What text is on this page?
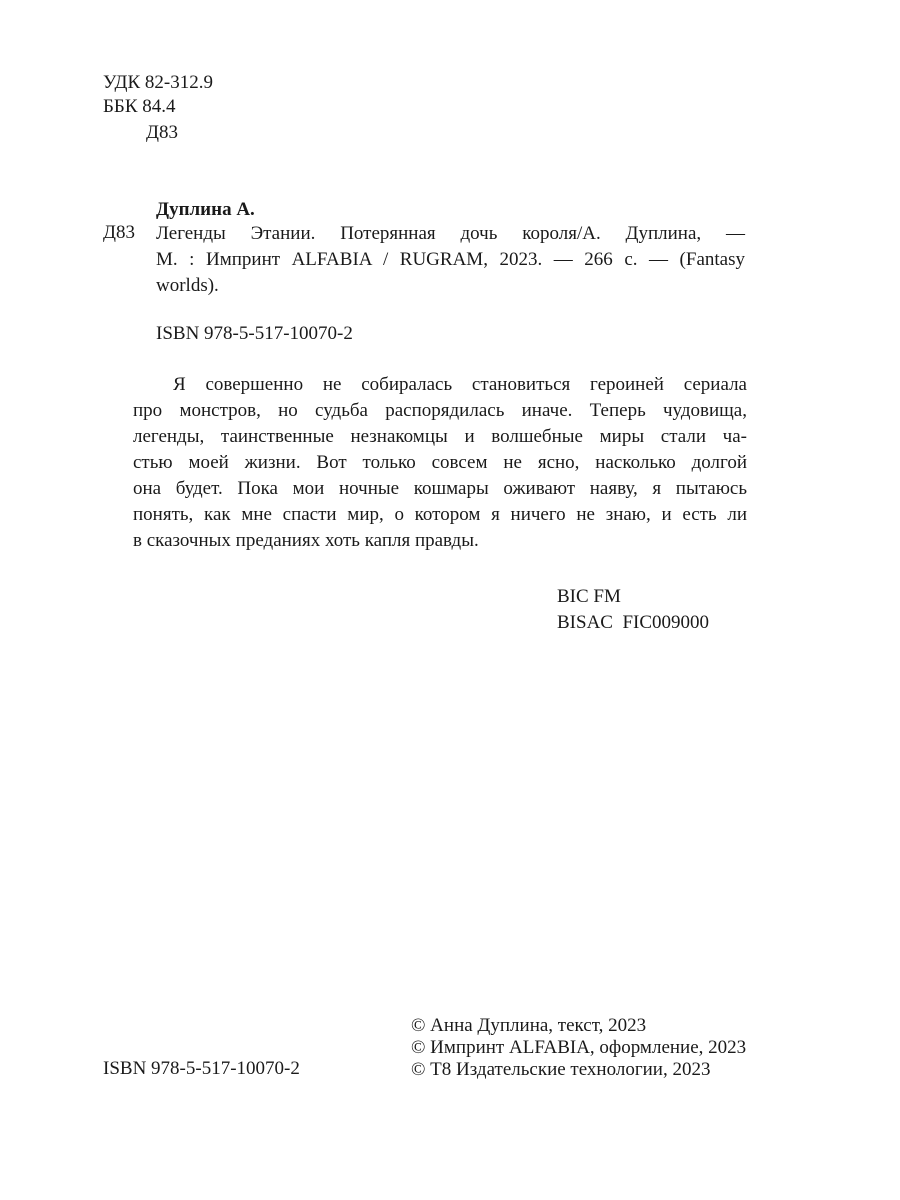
УДК 82-312.9
ББК 84.4
Д83
Дуплина А.
Д83 Легенды Этании. Потерянная дочь короля/А. Дуплина, —
М. : Импринт ALFABIA / RUGRAM, 2023. — 266 с. — (Fantasy
worlds).
ISBN 978-5-517-10070-2
Я совершенно не собиралась становиться героиней сериала
про монстров, но судьба распорядилась иначе. Теперь чудовища,
легенды, таинственные незнакомцы и волшебные миры стали ча-
стью моей жизни. Вот только совсем не ясно, насколько долгой
она будет. Пока мои ночные кошмары оживают наяву, я пытаюсь
понять, как мне спасти мир, о котором я ничего не знаю, и есть ли
в сказочных преданиях хоть капля правды.
BIC FM
BISAC  FIC009000
© Анна Дуплина, текст, 2023
© Импринт ALFABIA, оформление, 2023
© Т8 Издательские технологии, 2023
ISBN 978-5-517-10070-2
